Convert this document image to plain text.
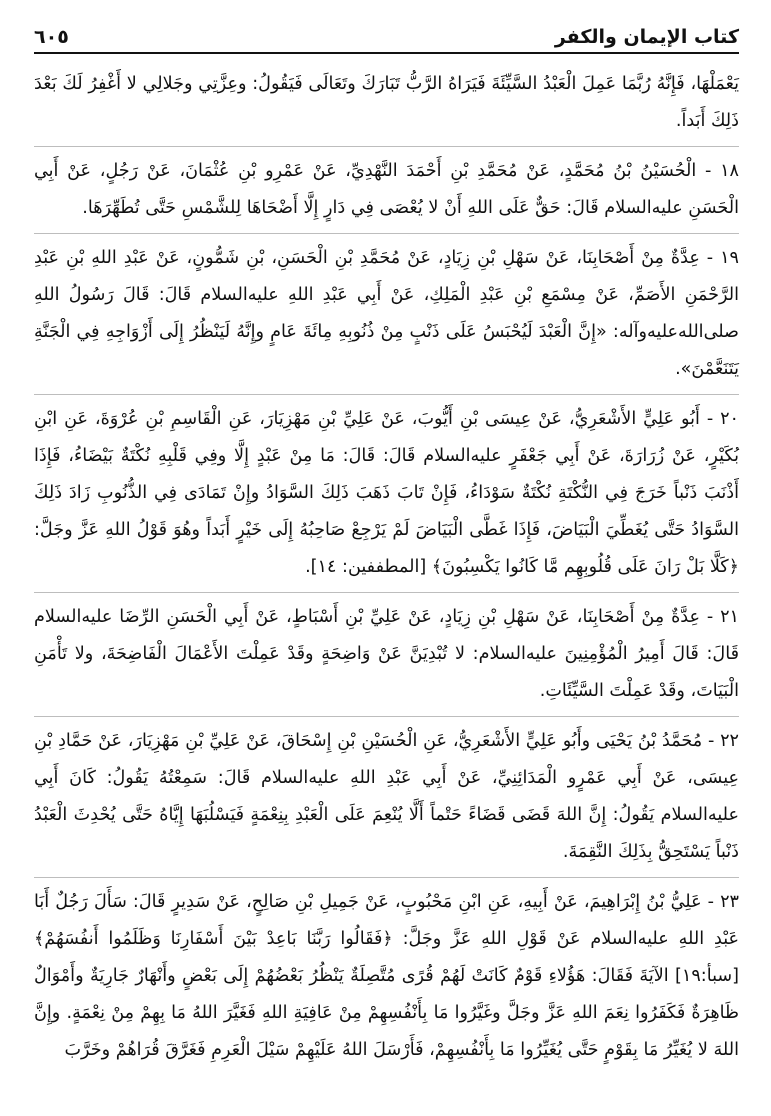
كتاب الإيمان والكفر
٦٠٥

يَعْمَلْهَا، فَإِنَّهُ رُبَّمَا عَمِلَ الْعَبْدُ السَّيِّئَةَ فَيَرَاهُ الرَّبُّ تَبَارَكَ وتَعَالَى فَيَقُولُ: وعِزَّتِي وجَلالِي لا أَغْفِرُ لَكَ بَعْدَ ذَلِكَ أَبَداً.

١٨ - الْحُسَيْنُ بْنُ مُحَمَّدٍ، عَنْ مُحَمَّدِ بْنِ أَحْمَدَ النَّهْدِيِّ، عَنْ عَمْرِو بْنِ عُثْمَانَ، عَنْ رَجُلٍ، عَنْ أَبِي الْحَسَنِ عليه‌السلام قَالَ: حَقٌّ عَلَى اللهِ أَنْ لا يُعْصَى فِي دَارٍ إِلَّا أَضْحَاهَا لِلشَّمْسِ حَتَّى تُطَهِّرَهَا.

١٩ - عِدَّةٌ مِنْ أَصْحَابِنَا، عَنْ سَهْلِ بْنِ زِيَادٍ، عَنْ مُحَمَّدِ بْنِ الْحَسَنِ، بْنِ شَمُّونٍ، عَنْ عَبْدِ اللهِ بْنِ عَبْدِ الرَّحْمَنِ الأَصَمِّ، عَنْ مِسْمَعِ بْنِ عَبْدِ الْمَلِكِ، عَنْ أَبِي عَبْدِ اللهِ عليه‌السلام قَالَ: قَالَ رَسُولُ اللهِ صلى‌الله‌عليه‌وآله: «إِنَّ الْعَبْدَ لَيُحْبَسُ عَلَى ذَنْبٍ مِنْ ذُنُوبِهِ مِائَةَ عَامٍ وإِنَّهُ لَيَنْظُرُ إِلَى أَزْوَاجِهِ فِي الْجَنَّةِ يَتَنَعَّمْنَ».

٢٠ - أَبُو عَلِيٍّ الأَشْعَرِيُّ، عَنْ عِيسَى بْنِ أَيُّوبَ، عَنْ عَلِيِّ بْنِ مَهْزِيَارَ، عَنِ الْقَاسِمِ بْنِ عُرْوَةَ، عَنِ ابْنِ بُكَيْرٍ، عَنْ زُرَارَةَ، عَنْ أَبِي جَعْفَرٍ عليه‌السلام قَالَ: قَالَ: مَا مِنْ عَبْدٍ إِلَّا وفِي قَلْبِهِ نُكْتَةٌ بَيْضَاءُ، فَإِذَا أَذْنَبَ ذَنْباً خَرَجَ فِي النُّكْتَةِ نُكْتَةٌ سَوْدَاءُ، فَإِنْ تَابَ ذَهَبَ ذَلِكَ السَّوَادُ وإِنْ تَمَادَى فِي الذُّنُوبِ زَادَ ذَلِكَ السَّوَادُ حَتَّى يُغَطِّيَ الْبَيَاضَ، فَإِذَا غَطَّى الْبَيَاضَ لَمْ يَرْجِعْ صَاحِبُهُ إِلَى خَيْرٍ أَبَداً وهُوَ قَوْلُ اللهِ عَزَّ وجَلَّ: ﴿كَلَّا بَلْ رَانَ عَلَى قُلُوبِهِم مَّا كَانُوا يَكْسِبُونَ﴾ [المطففين: ١٤].

٢١ - عِدَّةٌ مِنْ أَصْحَابِنَا، عَنْ سَهْلِ بْنِ زِيَادٍ، عَنْ عَلِيِّ بْنِ أَسْبَاطٍ، عَنْ أَبِي الْحَسَنِ الرِّضَا عليه‌السلام قَالَ: قَالَ أَمِيرُ الْمُؤْمِنِينَ عليه‌السلام: لا تُبْدِيَنَّ عَنْ وَاضِحَةٍ وقَدْ عَمِلْتَ الأَعْمَالَ الْفَاضِحَةَ، ولا تَأْمَنِ الْبَيَاتَ، وقَدْ عَمِلْتَ السَّيِّئَاتِ.

٢٢ - مُحَمَّدُ بْنُ يَحْيَى وأَبُو عَلِيٍّ الأَشْعَرِيُّ، عَنِ الْحُسَيْنِ بْنِ إِسْحَاقَ، عَنْ عَلِيِّ بْنِ مَهْزِيَارَ، عَنْ حَمَّادِ بْنِ عِيسَى، عَنْ أَبِي عَمْرٍو الْمَدَائِنِيِّ، عَنْ أَبِي عَبْدِ اللهِ عليه‌السلام قَالَ: سَمِعْتُهُ يَقُولُ: كَانَ أَبِي عليه‌السلام يَقُولُ: إِنَّ اللهَ قَضَى قَضَاءً حَتْماً أَلَّا يُنْعِمَ عَلَى الْعَبْدِ بِنِعْمَةٍ فَيَسْلُبَهَا إِيَّاهُ حَتَّى يُحْدِثَ الْعَبْدُ ذَنْباً يَسْتَحِقُّ بِذَلِكَ النَّقِمَةَ.

٢٣ - عَلِيُّ بْنُ إِبْرَاهِيمَ، عَنْ أَبِيهِ، عَنِ ابْنِ مَحْبُوبٍ، عَنْ جَمِيلِ بْنِ صَالِحٍ، عَنْ سَدِيرٍ قَالَ: سَأَلَ رَجُلٌ أَبَا عَبْدِ اللهِ عليه‌السلام عَنْ قَوْلِ اللهِ عَزَّ وجَلَّ: ﴿فَقَالُوا رَبَّنَا بَاعِدْ بَيْنَ أَسْفَارِنَا وَظَلَمُوا أَنفُسَهُمْ﴾ [سبأ:١٩] الآيَةَ فَقَالَ: هَؤُلاءِ قَوْمٌ كَانَتْ لَهُمْ قُرًى مُتَّصِلَةٌ يَنْظُرُ بَعْضُهُمْ إِلَى بَعْضٍ وأَنْهَارٌ جَارِيَةٌ وأَمْوَالٌ ظَاهِرَةٌ فَكَفَرُوا نِعَمَ اللهِ عَزَّ وجَلَّ وغَيَّرُوا مَا بِأَنْفُسِهِمْ مِنْ عَافِيَةِ اللهِ فَغَيَّرَ اللهُ مَا بِهِمْ مِنْ نِعْمَةٍ. وإِنَّ اللهَ لا يُغَيِّرُ مَا بِقَوْمٍ حَتَّى يُغَيِّرُوا مَا بِأَنْفُسِهِمْ، فَأَرْسَلَ اللهُ عَلَيْهِمْ سَيْلَ الْعَرِمِ فَغَرَّقَ قُرَاهُمْ وخَرَّبَ
